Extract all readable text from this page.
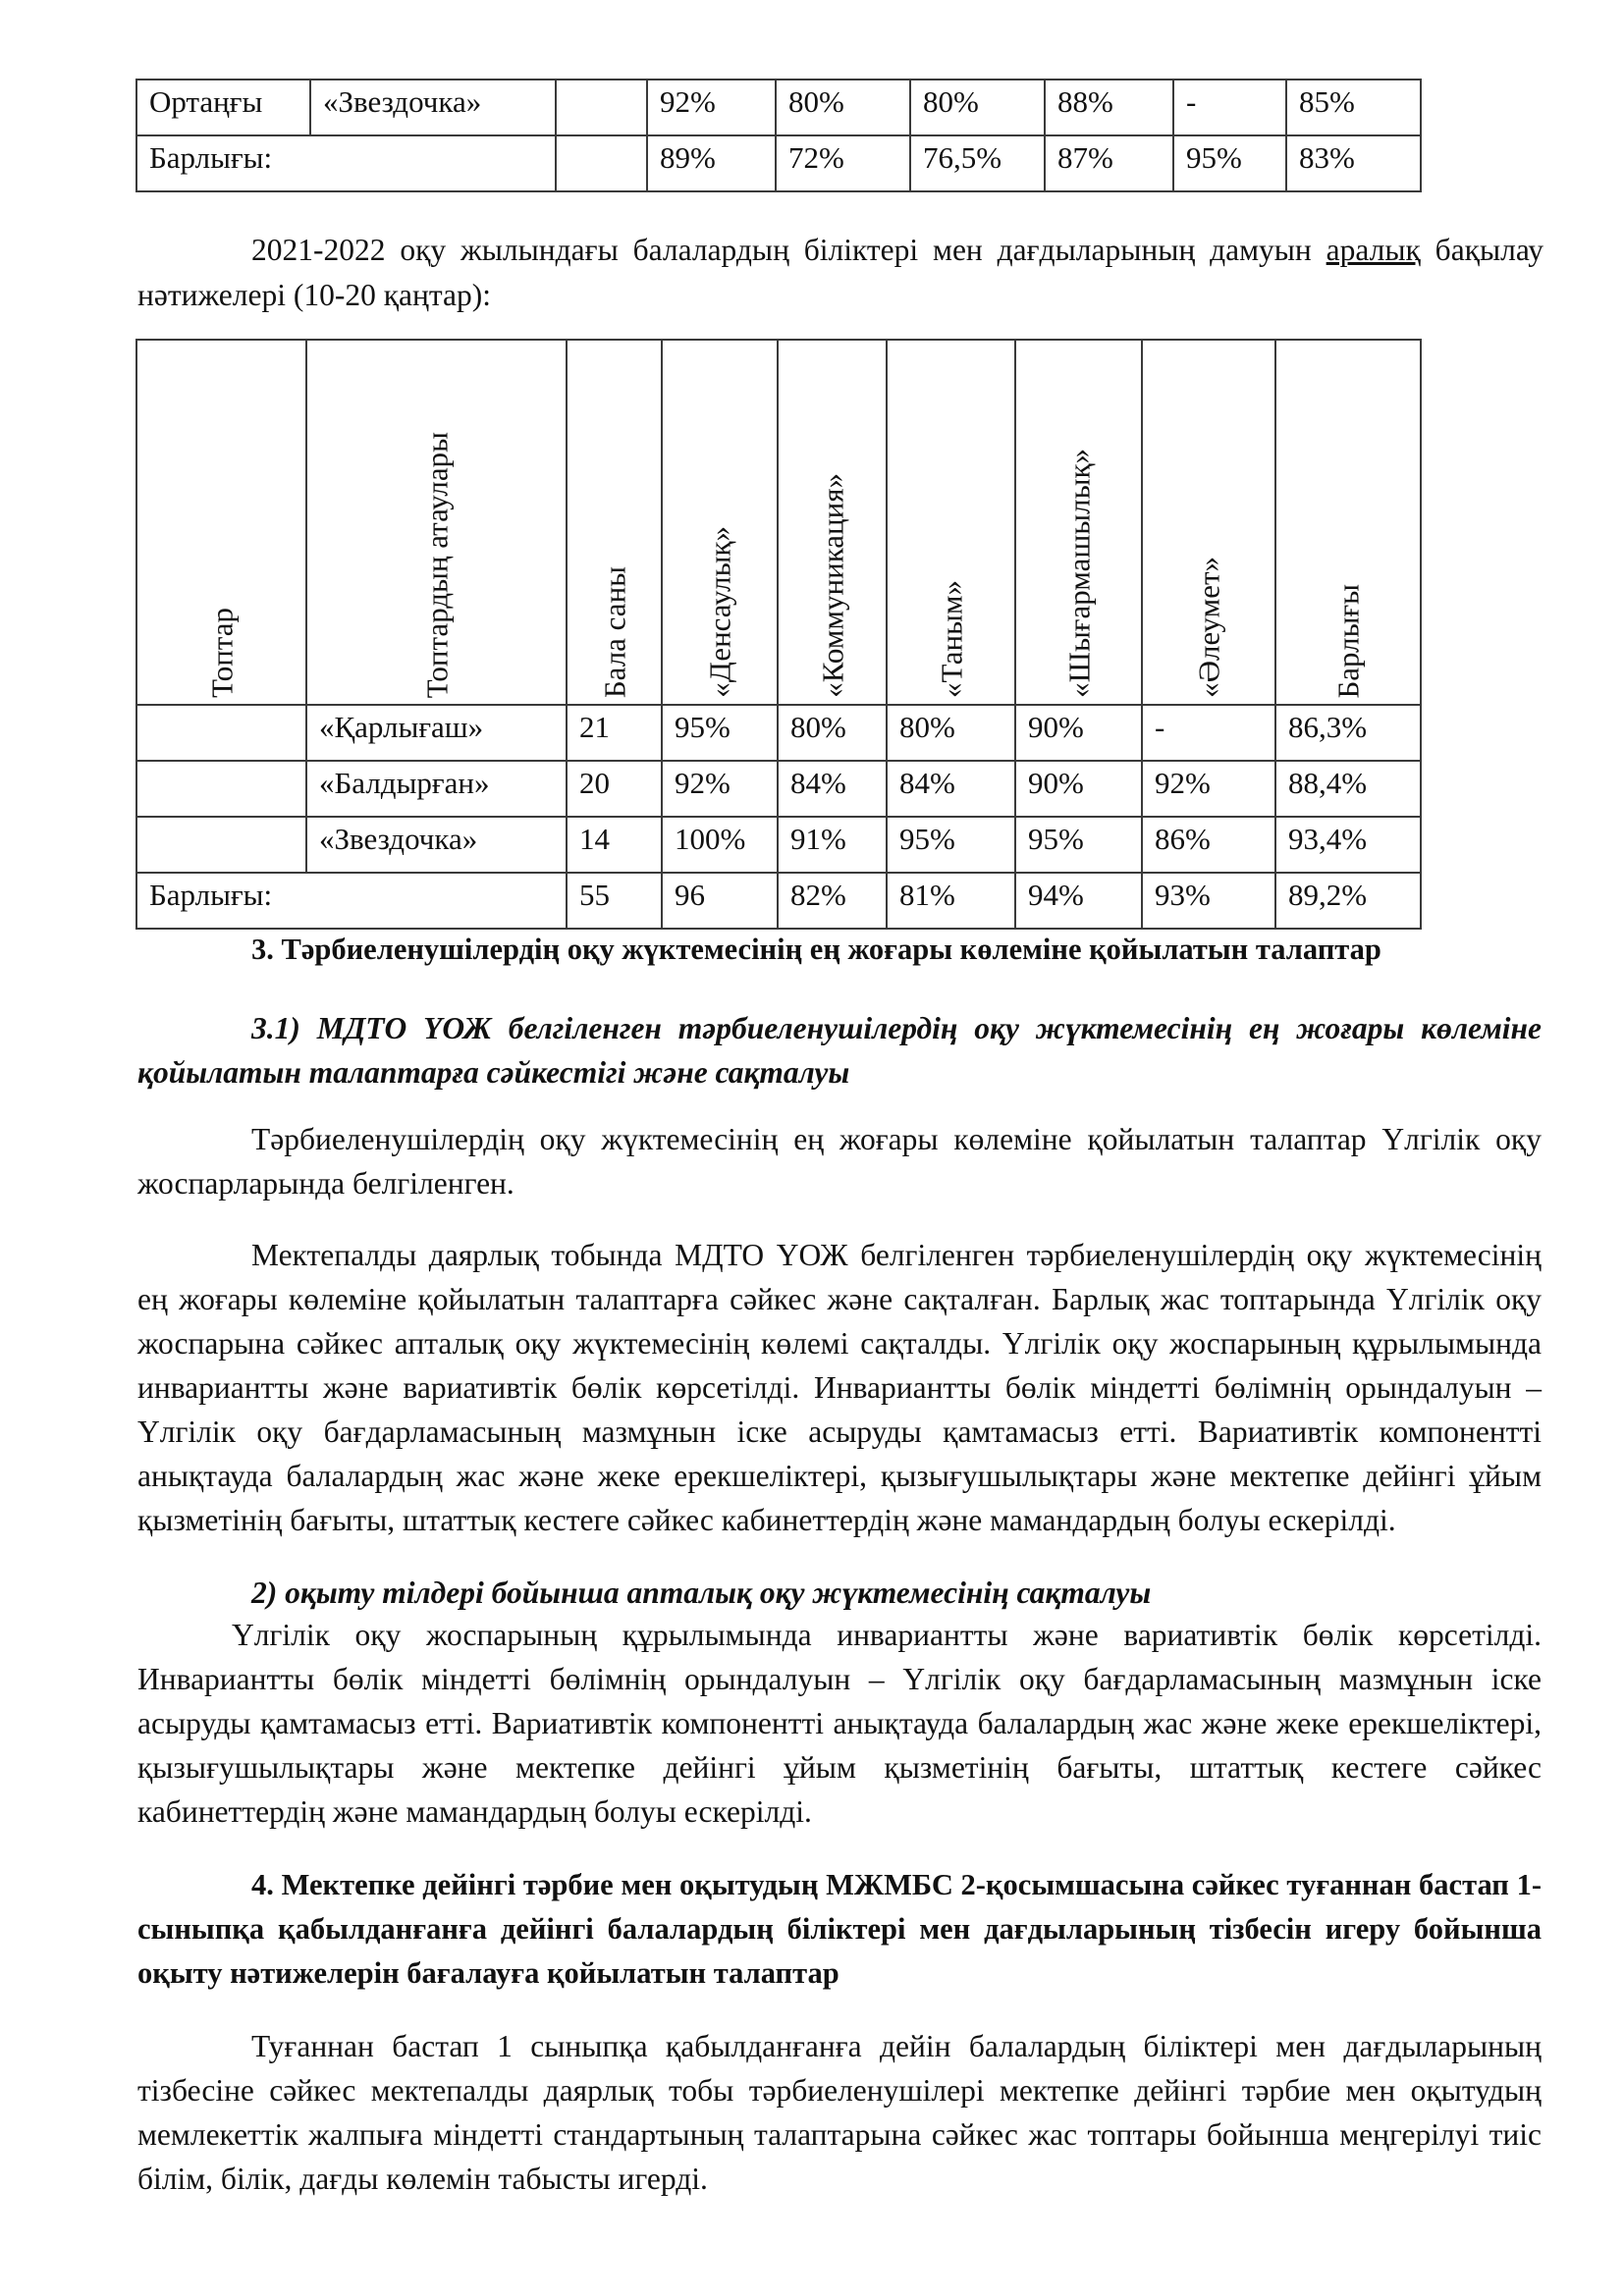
Ортаңғы	«Звездочка»		92%	80%	80%	88%	-	85%
Барлығы:			89%	72%	76,5%	87%	95%	83%
2021-2022 оқу жылындағы балалардың біліктері мен дағдыларының дамуын аралық бақылау нәтижелері (10-20 қаңтар):
Топтар	Топтардың атаулары	Бала саны	«Денсаулық»	«Коммуникация»	«Таным»	«Шығармашылық»	«Әлеумет»	Барлығы

	«Қарлығаш»	21	95%	80%	80%	90%	-	86,3%
	«Балдырған»	20	92%	84%	84%	90%	92%	88,4%
	«Звездочка»	14	100%	91%	95%	95%	86%	93,4%
Барлығы:		55	96	82%	81%	94%	93%	89,2%
3. Тәрбиеленушілердің оқу жүктемесінің ең жоғары көлеміне қойылатын талаптар
3.1) МДТО ҮОЖ белгіленген тәрбиеленушілердің оқу жүктемесінің ең жоғары көлеміне қойылатын талаптарға сәйкестігі және сақталуы
Тәрбиеленушілердің оқу жүктемесінің ең жоғары көлеміне қойылатын талаптар Үлгілік оқу жоспарларында белгіленген.
Мектепалды даярлық тобында МДТО ҮОЖ белгіленген тәрбиеленушілердің оқу жүктемесінің ең жоғары көлеміне қойылатын талаптарға сәйкес және сақталған. Барлық жас топтарында Үлгілік оқу жоспарына сәйкес апталық оқу жүктемесінің көлемі сақталды. Үлгілік оқу жоспарының құрылымында инвариантты және вариативтік бөлік көрсетілді. Инвариантты бөлік міндетті бөлімнің орындалуын – Үлгілік оқу бағдарламасының мазмұнын іске асыруды қамтамасыз етті. Вариативтік компонентті анықтауда балалардың жас және жеке ерекшеліктері, қызығушылықтары және мектепке дейінгі ұйым қызметінің бағыты, штаттық кестеге сәйкес кабинеттердің және мамандардың болуы ескерілді.
2) оқыту тілдері бойынша апталық оқу жүктемесінің сақталуы
Үлгілік оқу жоспарының құрылымында инвариантты және вариативтік бөлік көрсетілді. Инвариантты бөлік міндетті бөлімнің орындалуын – Үлгілік оқу бағдарламасының мазмұнын іске асыруды қамтамасыз етті. Вариативтік компонентті анықтауда балалардың жас және жеке ерекшеліктері, қызығушылықтары және мектепке дейінгі ұйым қызметінің бағыты, штаттық кестеге сәйкес кабинеттердің және мамандардың болуы ескерілді.
4. Мектепке дейінгі тәрбие мен оқытудың МЖМБС 2-қосымшасына сәйкес туғаннан бастап 1-сыныпқа қабылданғанға дейінгі балалардың біліктері мен дағдыларының тізбесін игеру бойынша оқыту нәтижелерін бағалауға қойылатын талаптар
Туғаннан бастап 1 сыныпқа қабылданғанға дейін балалардың біліктері мен дағдыларының тізбесіне сәйкес мектепалды даярлық тобы тәрбиеленушілері мектепке дейінгі тәрбие мен оқытудың мемлекеттік жалпыға міндетті стандартының талаптарына сәйкес жас топтары бойынша меңгерілуі тиіс білім, білік, дағды көлемін табысты игерді.
